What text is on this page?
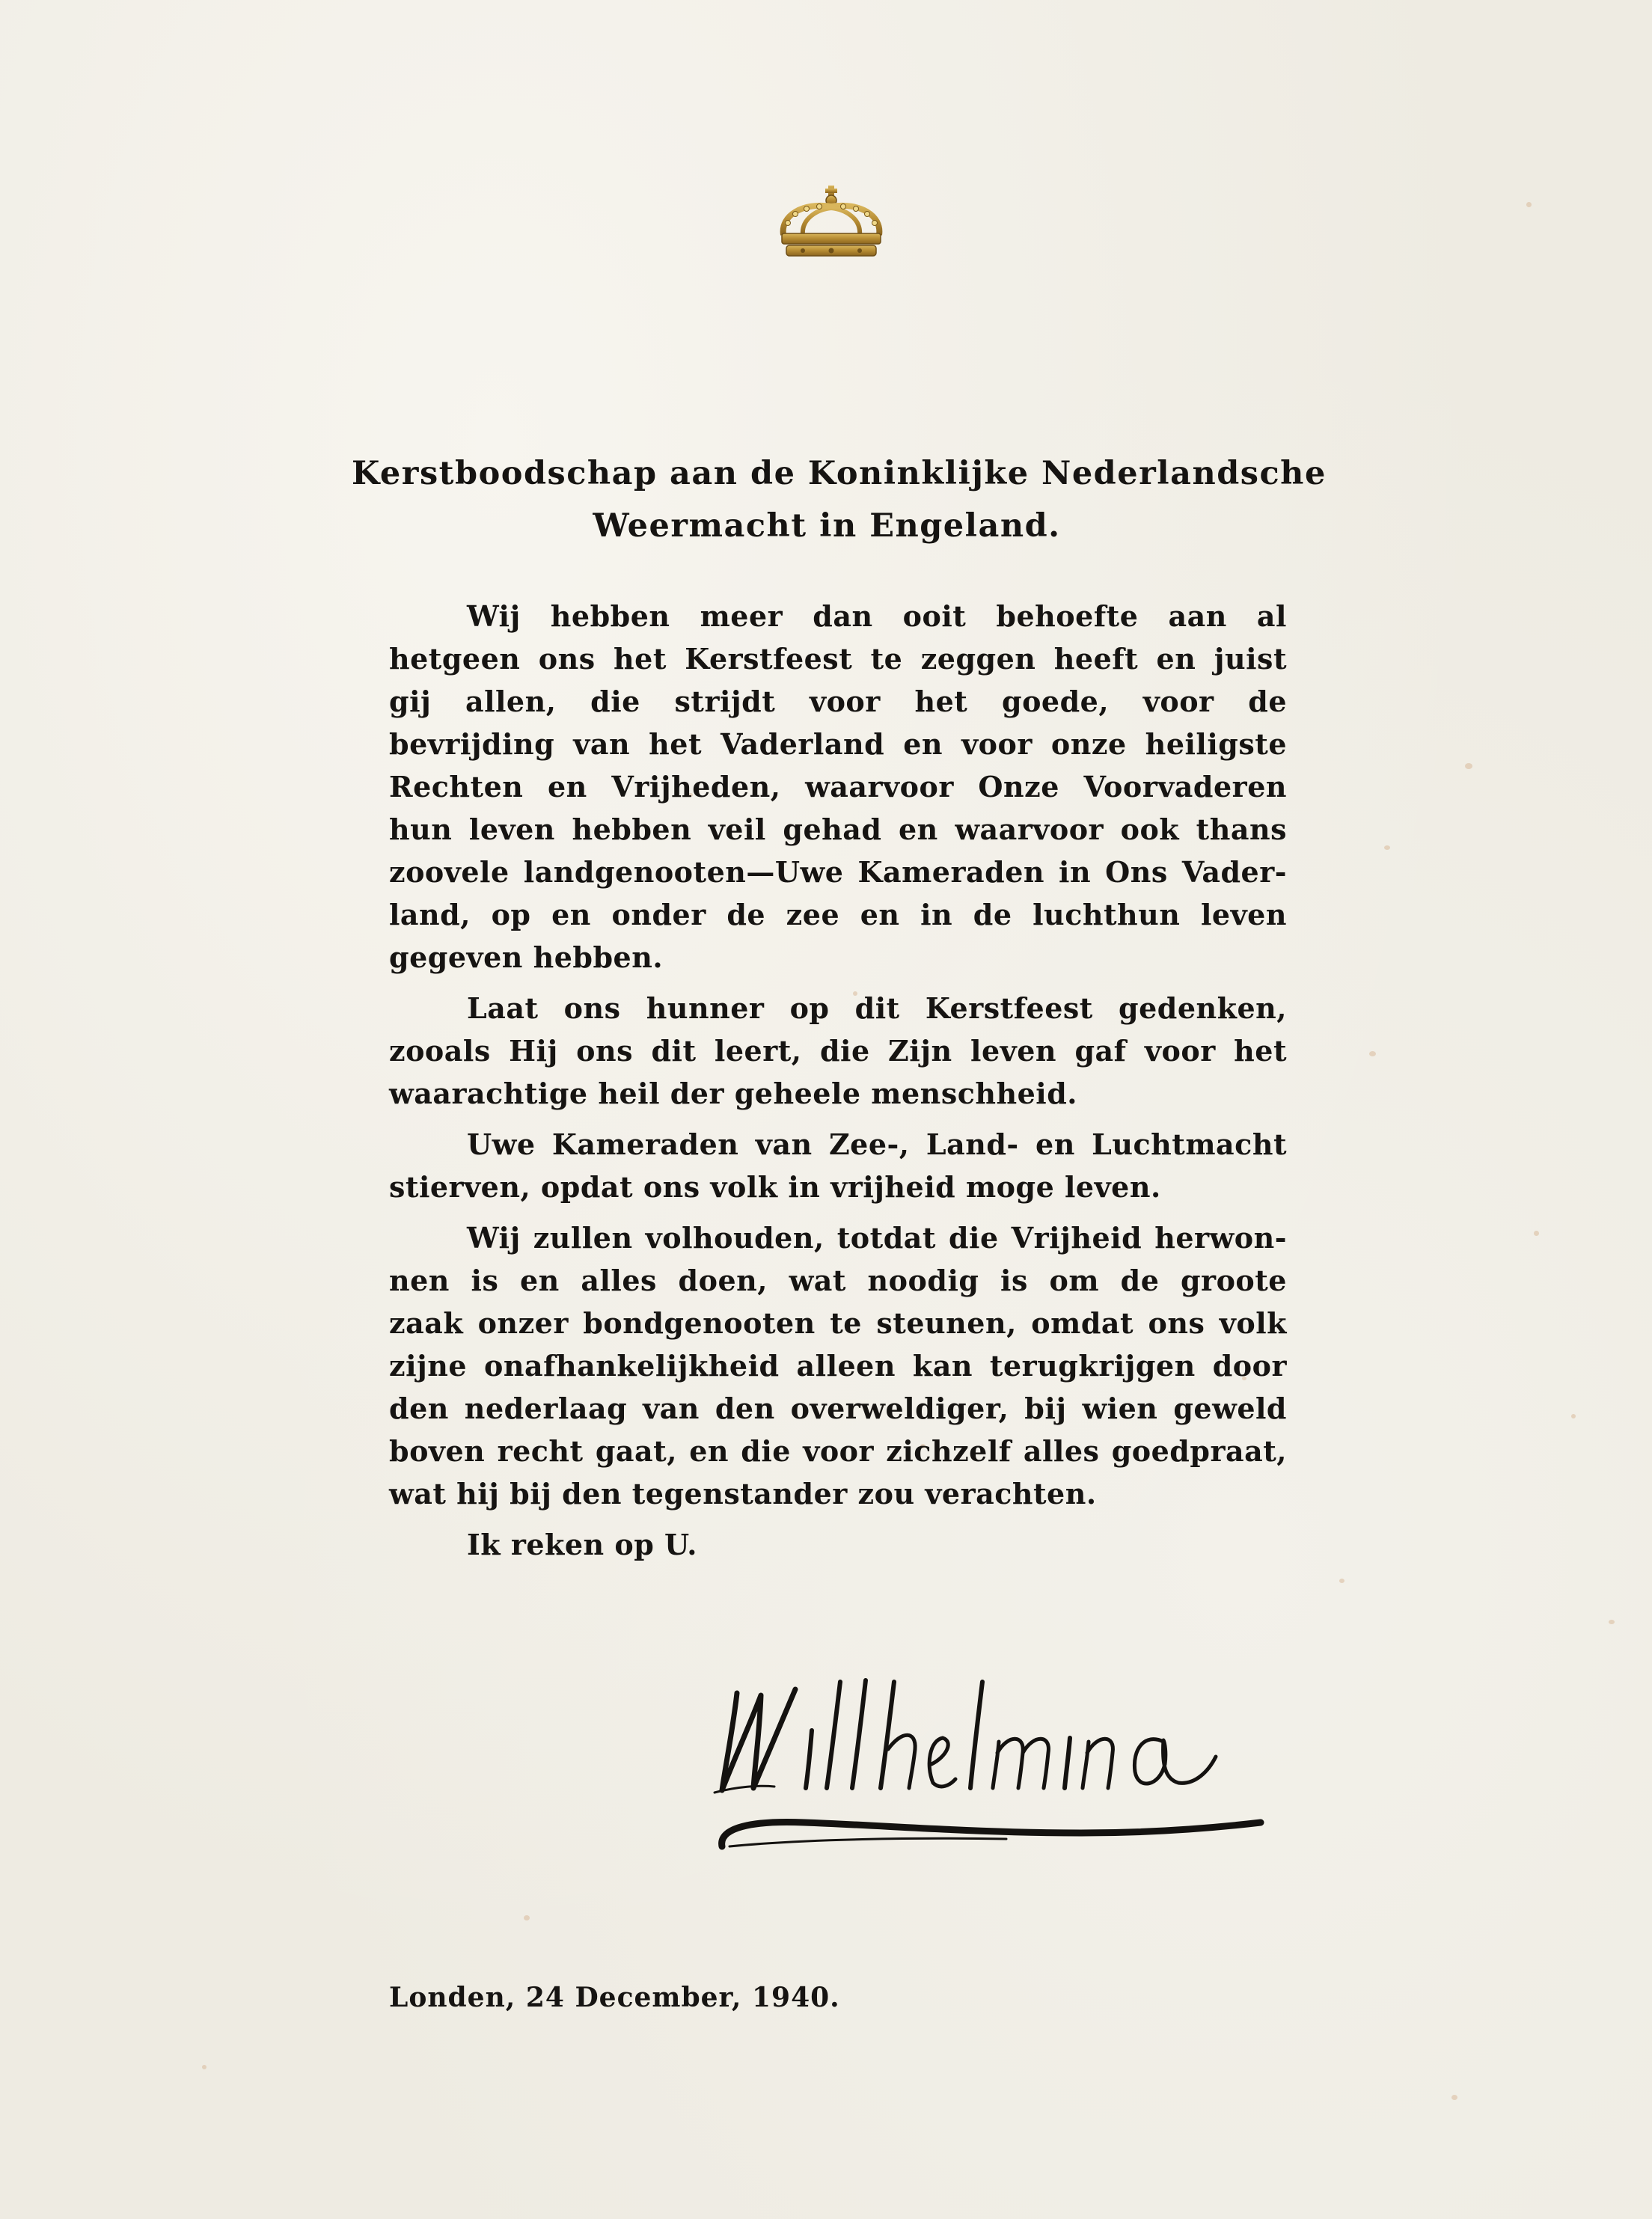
Kerstboodschap aan de Koninklijke Nederlandsche
Weermacht in Engeland.
Wij hebben meer dan ooit behoefte aan al
hetgeen ons het Kerstfeest te zeggen heeft en juist
gij allen, die strijdt voor het goede, voor de
bevrijding van het Vaderland en voor onze heiligste
Rechten en Vrijheden, waarvoor Onze Voorvaderen
hun leven hebben veil gehad en waarvoor ook thans
zoovele landgenooten—Uwe Kameraden in Ons Vader-
land, op en onder de zee en in de luchthun leven
gegeven hebben.
Laat ons hunner op dit Kerstfeest gedenken,
zooals Hij ons dit leert, die Zijn leven gaf voor het
waarachtige heil der geheele menschheid.
Uwe Kameraden van Zee-, Land- en Luchtmacht
stierven, opdat ons volk in vrijheid moge leven.
Wij zullen volhouden, totdat die Vrijheid herwon-
nen is en alles doen, wat noodig is om de groote
zaak onzer bondgenooten te steunen, omdat ons volk
zijne onafhankelijkheid alleen kan terugkrijgen door
den nederlaag van den overweldiger, bij wien geweld
boven recht gaat, en die voor zichzelf alles goedpraat,
wat hij bij den tegenstander zou verachten.
Ik reken op U.
Londen, 24 December, 1940.
